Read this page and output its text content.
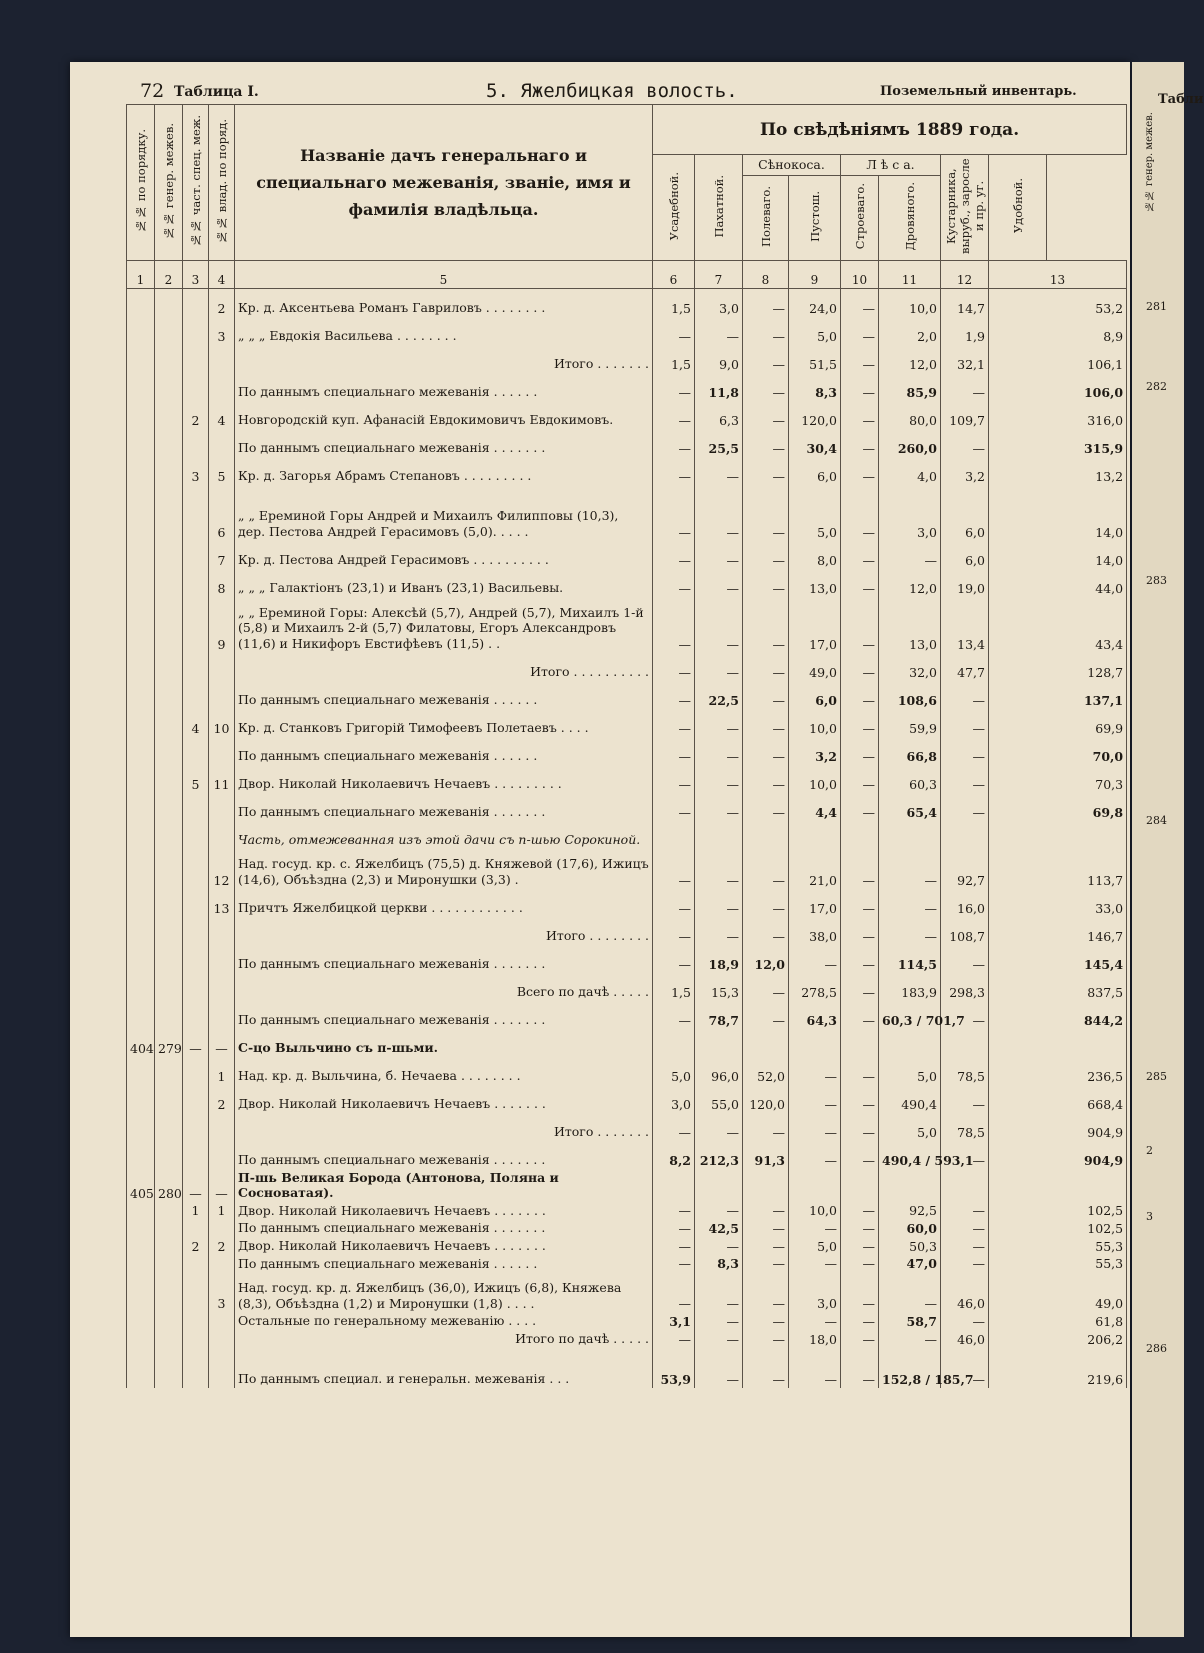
72 Таблица I.	5. Яжелбицкая волость.	Поземельный инвентарь.
№№ по порядку.	№№ генер. межев.	№№ част. спец. меж.	№№ влад. по поряд.	Названіе дачъ генеральнаго и специальнаго межеванія, званіе, имя и фамилія владѣльца.	По свѣдѣніямъ 1889 года.							
					Усадебной.	Пахатной.	Сѣнокоса.		Л ѣ с а.		Кустарника, выруб., заросле и пр. уг.	Удобной.
							Полеваго.	Пустош.	Строеваго.	Дровяного.		
1	2	3	4	5	6	7	8	9	10	11	12	13
			2	Кр. д. Аксентьева Романъ Гавриловъ . . . . . . . .	1,5	3,0	—	24,0	—	10,0	14,7	53,2
			3	„ „ „ Евдокія Васильева . . . . . . . .	—	—	—	5,0	—	2,0	1,9	8,9
				Итого . . . . . . .	1,5	9,0	—	51,5	—	12,0	32,1	106,1
				По даннымъ специальнаго межеванія . . . . . .	—	11,8	—	8,3	—	85,9	—	106,0
		2	4	Новгородскій куп. Афанасій Евдокимовичъ Евдокимовъ.	—	6,3	—	120,0	—	80,0	109,7	316,0
				По даннымъ специальнаго межеванія . . . . . . .	—	25,5	—	30,4	—	260,0	—	315,9
		3	5	Кр. д. Загорья Абрамъ Степановъ . . . . . . . . .	—	—	—	6,0	—	4,0	3,2	13,2
			6	„ „ Ереминой Горы Андрей и Михаилъ Филипповы (10,3), дер. Пестова Андрей Герасимовъ (5,0). . . . .	—	—	—	5,0	—	3,0	6,0	14,0
			7	Кр. д. Пестова Андрей Герасимовъ . . . . . . . . . .	—	—	—	8,0	—	—	6,0	14,0
			8	„ „ „ Галактіонъ (23,1) и Иванъ (23,1) Васильевы.	—	—	—	13,0	—	12,0	19,0	44,0
			9	„ „ Ереминой Горы: Алексѣй (5,7), Андрей (5,7), Михаилъ 1-й (5,8) и Михаилъ 2-й (5,7) Филатовы, Егоръ Александровъ (11,6) и Никифоръ Евстифѣевъ (11,5) . .	—	—	—	17,0	—	13,0	13,4	43,4
				Итого . . . . . . . . . .	—	—	—	49,0	—	32,0	47,7	128,7
				По даннымъ специальнаго межеванія . . . . . .	—	22,5	—	6,0	—	108,6	—	137,1
		4	10	Кр. д. Станковъ Григорій Тимофеевъ Полетаевъ . . . .	—	—	—	10,0	—	59,9	—	69,9
				По даннымъ специальнаго межеванія . . . . . .	—	—	—	3,2	—	66,8	—	70,0
		5	11	Двор. Николай Николаевичъ Нечаевъ . . . . . . . . .	—	—	—	10,0	—	60,3	—	70,3
				По даннымъ специальнаго межеванія . . . . . . .	—	—	—	4,4	—	65,4	—	69,8
				Часть, отмежеванная изъ этой дачи съ п-шью Сорокиной.								
			12	Над. госуд. кр. с. Яжелбицъ (75,5) д. Княжевой (17,6), Ижицъ (14,6), Объѣздна (2,3) и Миронушки (3,3) .	—	—	—	21,0	—	—	92,7	113,7
			13	Причтъ Яжелбицкой церкви . . . . . . . . . . . .	—	—	—	17,0	—	—	16,0	33,0
				Итого . . . . . . . .	—	—	—	38,0	—	—	108,7	146,7
				По даннымъ специальнаго межеванія . . . . . . .	—	18,9	12,0	—	—	114,5	—	145,4
				Всего по дачѣ . . . . .	1,5	15,3	—	278,5	—	183,9	298,3	837,5
				По даннымъ специальнаго межеванія . . . . . . .	—	78,7	—	64,3	—	60,3 / 701,7	—	844,2
404	279	—	—	С-цо Выльчино съ п-шьми.								
			1	Над. кр. д. Выльчина, б. Нечаева . . . . . . . .	5,0	96,0	52,0	—	—	5,0	78,5	236,5
			2	Двор. Николай Николаевичъ Нечаевъ . . . . . . .	3,0	55,0	120,0	—	—	490,4	—	668,4
				Итого . . . . . . .	—	—	—	—	—	5,0	78,5	904,9
				По даннымъ специальнаго межеванія . . . . . . .	8,2	212,3	91,3	—	—	490,4 / 593,1	—	904,9
405	280	—	—	П-шь Великая Борода (Антонова, Поляна и Сосноватая).								
		1	1	Двор. Николай Николаевичъ Нечаевъ . . . . . . .	—	—	—	10,0	—	92,5	—	102,5
				По даннымъ специальнаго межеванія . . . . . . .	—	42,5	—	—	—	60,0	—	102,5
		2	2	Двор. Николай Николаевичъ Нечаевъ . . . . . . .	—	—	—	5,0	—	50,3	—	55,3
				По даннымъ специальнаго межеванія . . . . . .	—	8,3	—	—	—	47,0	—	55,3
			3	Над. госуд. кр. д. Яжелбицъ (36,0), Ижицъ (6,8), Княжева (8,3), Объѣздна (1,2) и Миронушки (1,8) . . . .	—	—	—	3,0	—	—	46,0	49,0
				Остальные по генеральному межеванію . . . .	3,1	—	—	—	—	58,7	—	61,8
				Итого по дачѣ . . . . .	—	—	—	18,0	—	—	46,0	206,2
				По даннымъ специал. и генеральн. межеванія . . .	53,9	—	—	—	—	152,8 / 185,7	—	219,6
Табли
№№ генер. межев.
281
282
283
284
285
2
3
286
